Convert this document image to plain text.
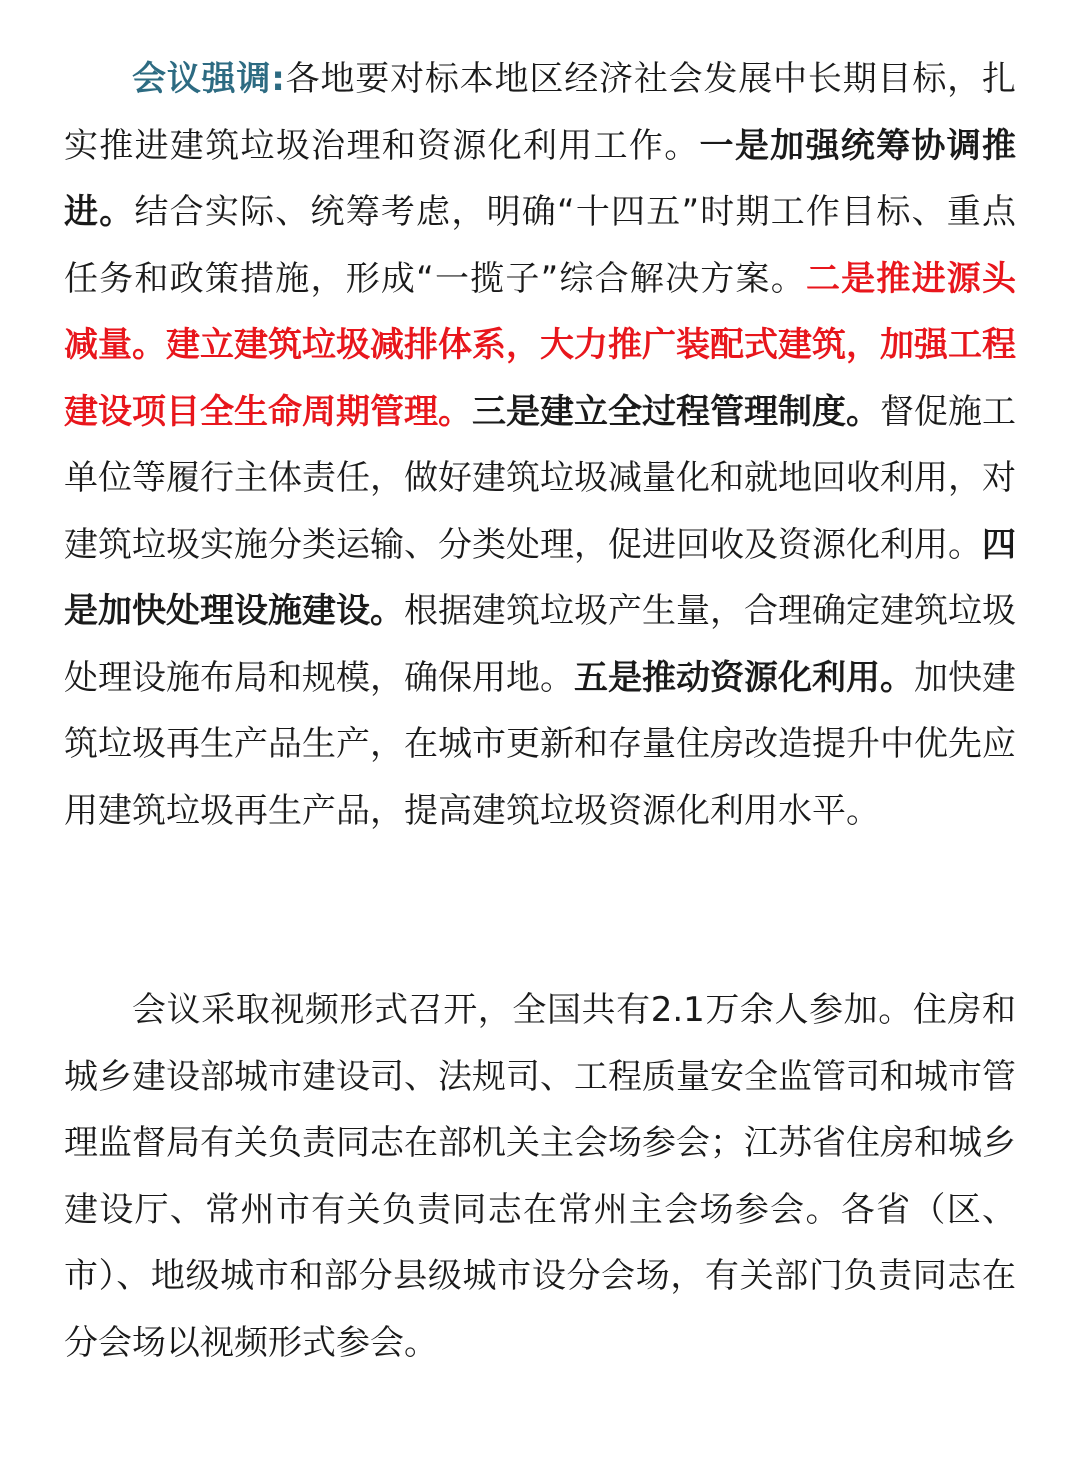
会议强调:各地要对标本地区经济社会发展中长期目标，扎实推进建筑垃圾治理和资源化利用工作。一是加强统筹协调推进。结合实际、统筹考虑，明确“十四五”时期工作目标、重点任务和政策措施，形成“一揽子”综合解决方案。二是推进源头减量。建立建筑垃圾减排体系，大力推广装配式建筑，加强工程建设项目全生命周期管理。三是建立全过程管理制度。督促施工单位等履行主体责任，做好建筑垃圾减量化和就地回收利用，对建筑垃圾实施分类运输、分类处理，促进回收及资源化利用。四是加快处理设施建设。根据建筑垃圾产生量，合理确定建筑垃圾处理设施布局和规模，确保用地。五是推动资源化利用。加快建筑垃圾再生产品生产，在城市更新和存量住房改造提升中优先应用建筑垃圾再生产品，提高建筑垃圾资源化利用水平。

会议采取视频形式召开，全国共有2.1万余人参加。住房和城乡建设部城市建设司、法规司、工程质量安全监管司和城市管理监督局有关负责同志在部机关主会场参会；江苏省住房和城乡建设厅、常州市有关负责同志在常州主会场参会。各省（区、市）、地级城市和部分县级城市设分会场，有关部门负责同志在分会场以视频形式参会。
